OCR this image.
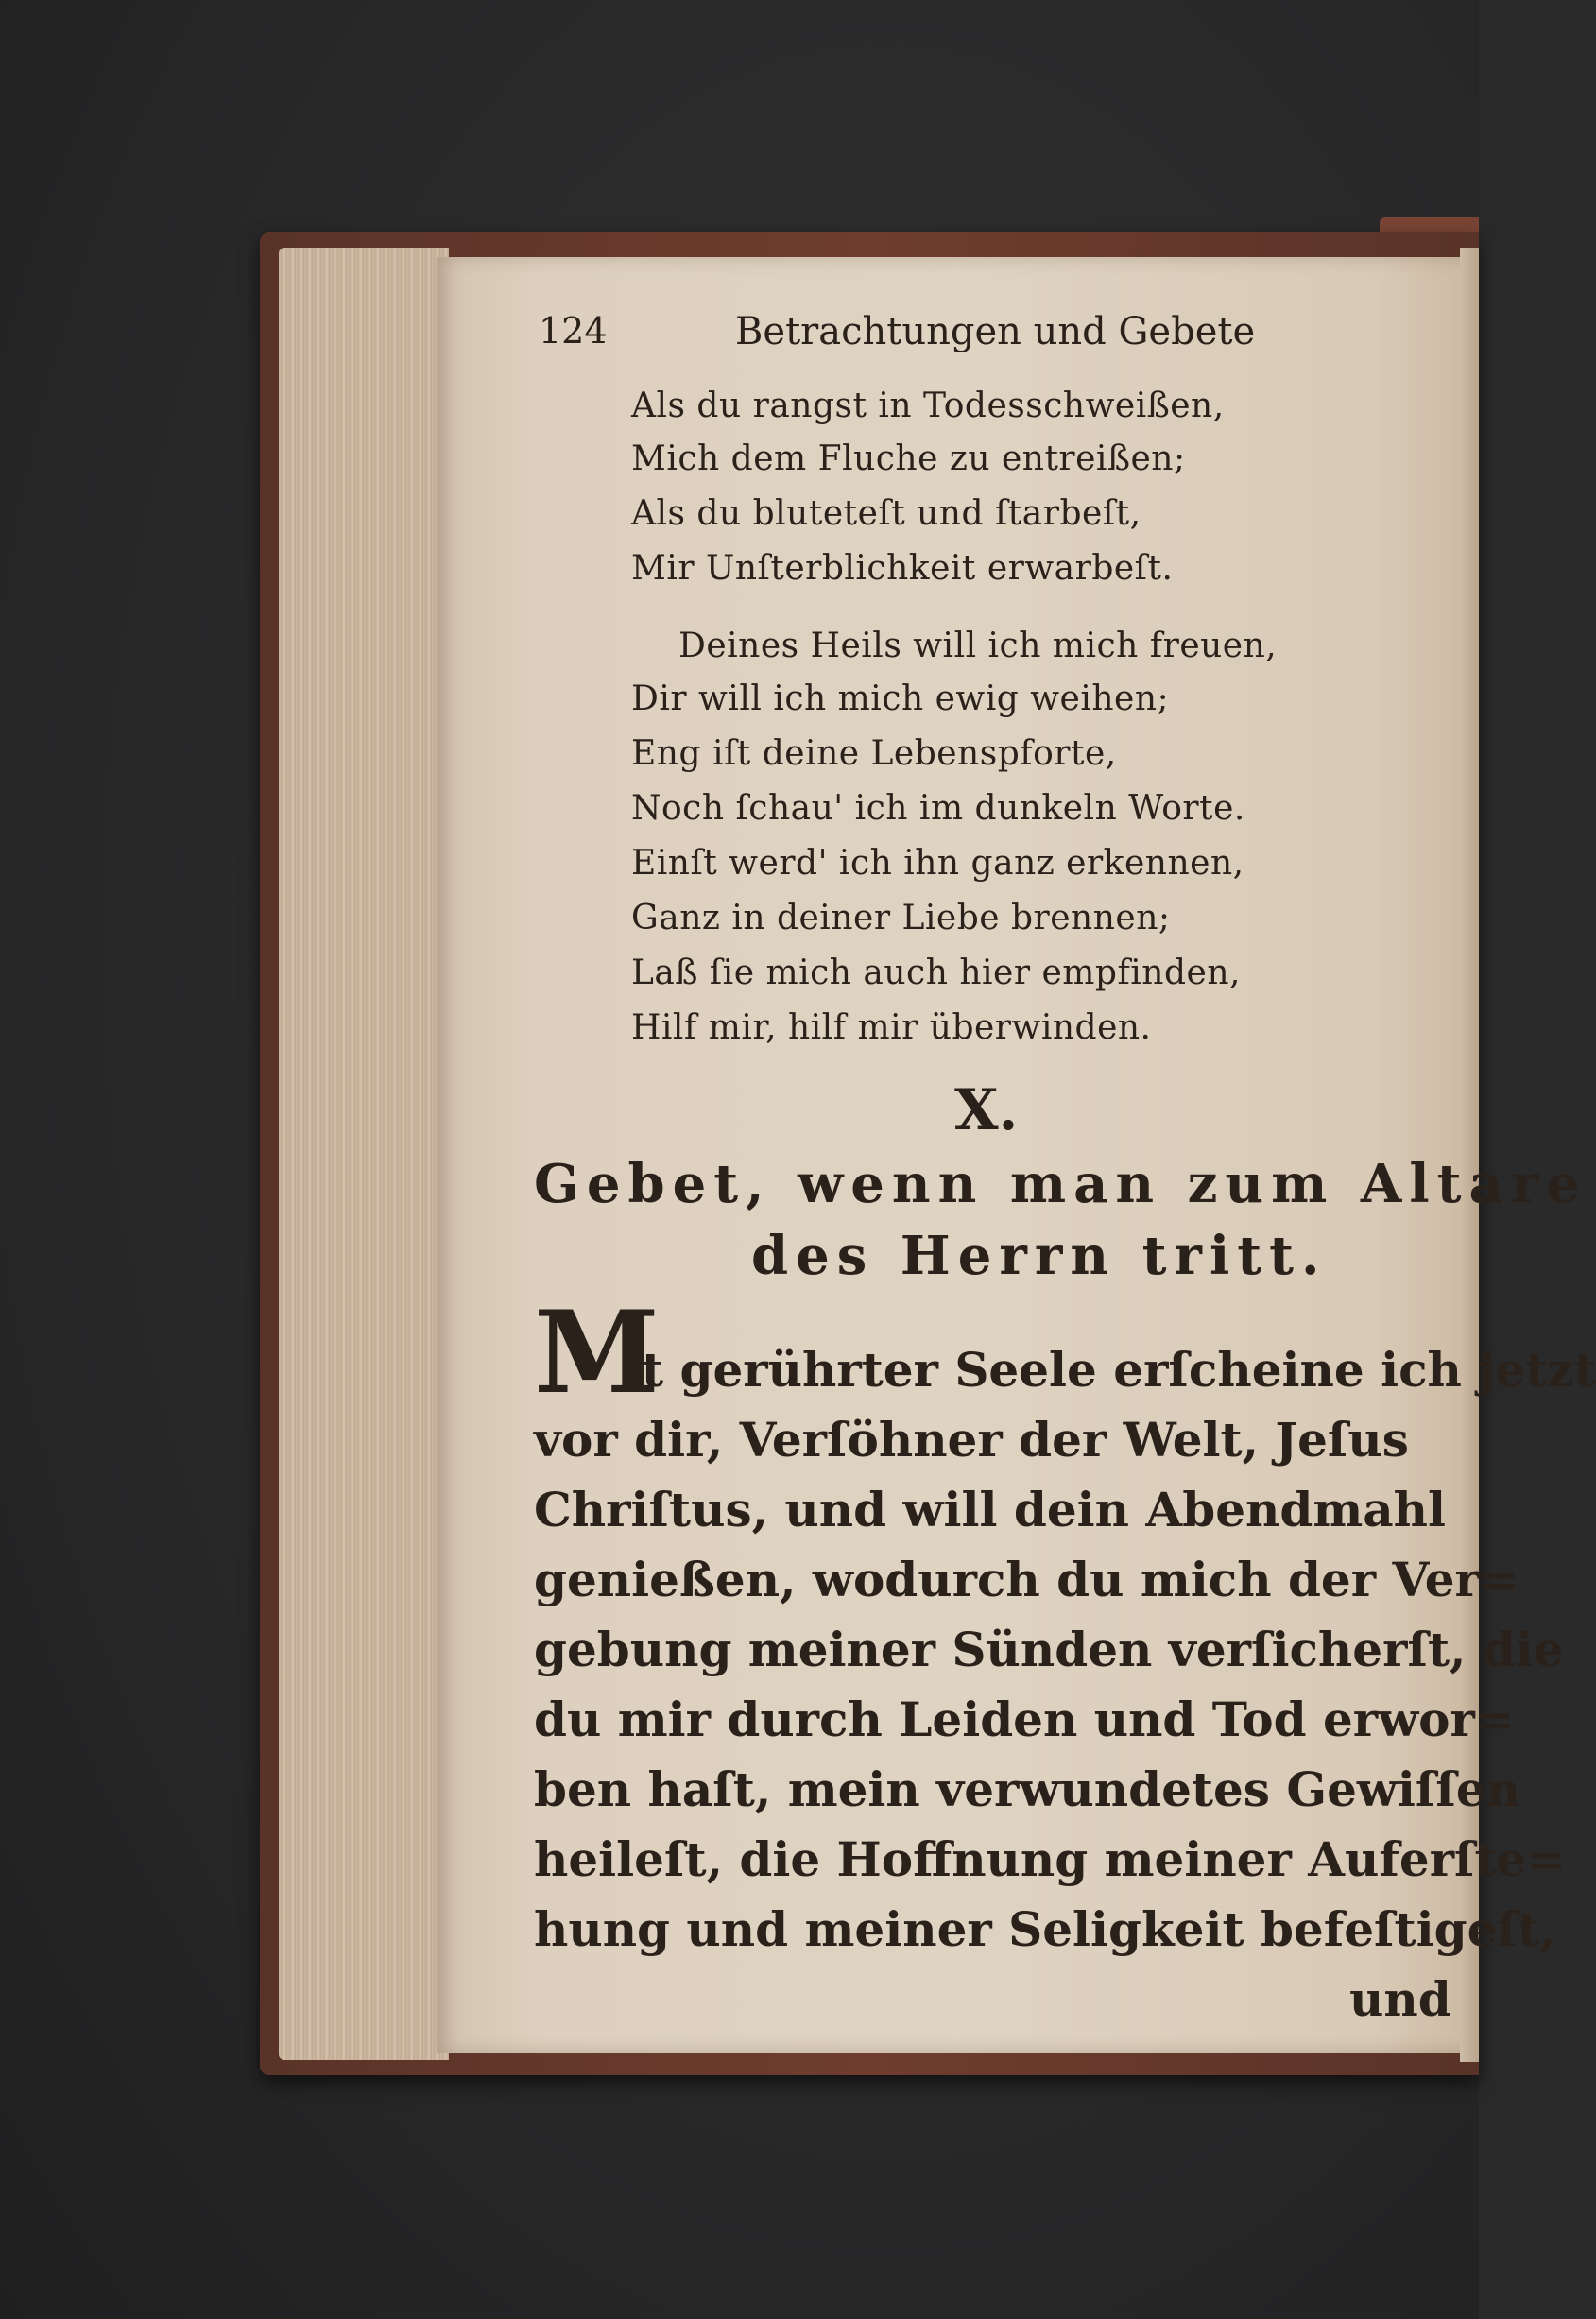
124	Betrachtungen und Gebete
Als du rangst in Todesschweißen,
Mich dem Fluche zu entreißen;
Als du bluteteſt und ſtarbeſt,
Mir Unſterblichkeit erwarbeſt.
Deines Heils will ich mich freuen,
Dir will ich mich ewig weihen;
Eng iſt deine Lebenspforte,
Noch ſchau' ich im dunkeln Worte.
Einſt werd' ich ihn ganz erkennen,
Ganz in deiner Liebe brennen;
Laß ſie mich auch hier empfinden,
Hilf mir, hilf mir überwinden.
X.
Gebet, wenn man zum Altare
des Herrn tritt.
M
it gerührter Seele erſcheine ich jetzt
vor dir, Verſöhner der Welt, Jeſus
Chriſtus, und will dein Abendmahl
genießen, wodurch du mich der Ver=
gebung meiner Sünden verſicherſt, die
du mir durch Leiden und Tod erwor=
ben haſt, mein verwundetes Gewiſſen
heileſt, die Hoffnung meiner Auferſte=
hung und meiner Seligkeit befeſtigeſt,
und
